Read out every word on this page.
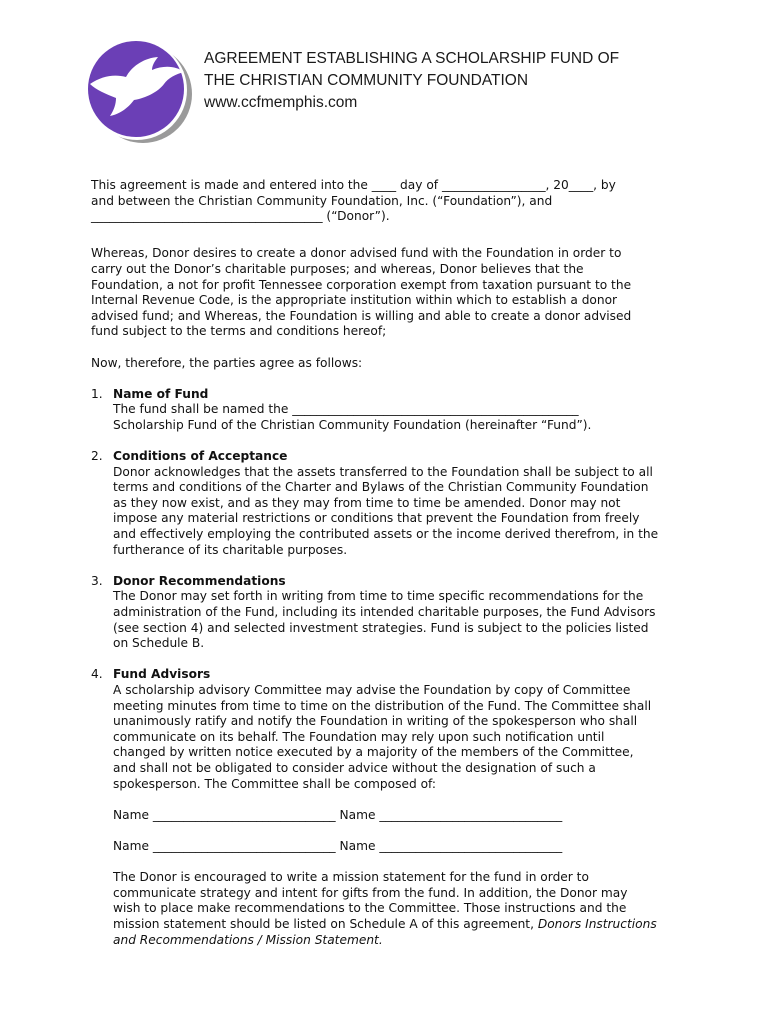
AGREEMENT ESTABLISHING A SCHOLARSHIP FUND OF
THE CHRISTIAN COMMUNITY FOUNDATION
www.ccfmemphis.com

This agreement is made and entered into the ____ day of _________________, 20____, by

and between the Christian Community Foundation, Inc. (“Foundation”), and

______________________________________ (“Donor”).

Whereas, Donor desires to create a donor advised fund with the Foundation in order to

carry out the Donor’s charitable purposes; and whereas, Donor believes that the

Foundation, a not for profit Tennessee corporation exempt from taxation pursuant to the

Internal Revenue Code, is the appropriate institution within which to establish a donor

advised fund; and Whereas, the Foundation is willing and able to create a donor advised

fund subject to the terms and conditions hereof;

Now, therefore, the parties agree as follows:

1. Name of Fund

The fund shall be named the _______________________________________________

Scholarship Fund of the Christian Community Foundation (hereinafter “Fund”).

2. Conditions of Acceptance

Donor acknowledges that the assets transferred to the Foundation shall be subject to all

terms and conditions of the Charter and Bylaws of the Christian Community Foundation

as they now exist, and as they may from time to time be amended. Donor may not

impose any material restrictions or conditions that prevent the Foundation from freely

and effectively employing the contributed assets or the income derived therefrom, in the

furtherance of its charitable purposes.

3. Donor Recommendations

The Donor may set forth in writing from time to time specific recommendations for the

administration of the Fund, including its intended charitable purposes, the Fund Advisors

(see section 4) and selected investment strategies. Fund is subject to the policies listed

on Schedule B.

4. Fund Advisors

A scholarship advisory Committee may advise the Foundation by copy of Committee

meeting minutes from time to time on the distribution of the Fund. The Committee shall

unanimously ratify and notify the Foundation in writing of the spokesperson who shall

communicate on its behalf. The Foundation may rely upon such notification until

changed by written notice executed by a majority of the members of the Committee,

and shall not be obligated to consider advice without the designation of such a

spokesperson. The Committee shall be composed of:

Name ______________________________ Name ______________________________

Name ______________________________ Name ______________________________

The Donor is encouraged to write a mission statement for the fund in order to

communicate strategy and intent for gifts from the fund. In addition, the Donor may

wish to place make recommendations to the Committee. Those instructions and the

mission statement should be listed on Schedule A of this agreement, Donors Instructions

and Recommendations / Mission Statement.
